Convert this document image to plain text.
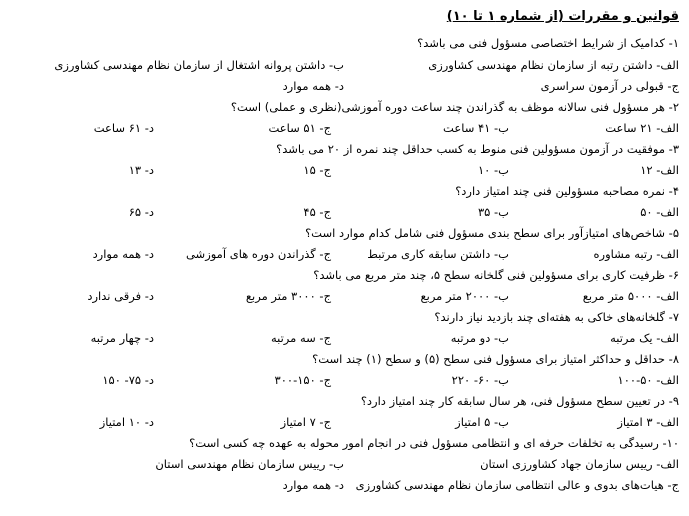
قوانین و مقررات (از شماره ۱ تا ۱۰)
۱- کدامیک از شرایط اختصاصی مسؤول فنی می باشد؟
الف- داشتن رتبه از سازمان نظام مهندسی کشاورزی
ب- داشتن پروانه اشتغال از سازمان نظام مهندسی کشاورزی
ج- قبولی در آزمون سراسری
د- همه موارد
۲- هر مسؤول فنی سالانه موظف به گذراندن چند ساعت دوره آموزشی(نظری و عملی) است؟
الف- ۲۱ ساعت
ب- ۴۱ ساعت
ج- ۵۱ ساعت
د- ۶۱ ساعت
۳- موفقیت در آزمون مسؤولین فنی منوط به کسب حداقل چند نمره از ۲۰ می باشد؟
الف- ۱۲
ب- ۱۰
ج- ۱۵
د- ۱۳
۴- نمره مصاحبه مسؤولین فنی چند امتیاز دارد؟
الف- ۵۰
ب- ۳۵
ج- ۴۵
د- ۶۵
۵- شاخص‌های امتیازآور برای سطح بندی مسؤول فنی شامل کدام موارد است؟
الف- رتبه مشاوره
ب- داشتن سابقه کاری مرتبط
ج- گذراندن دوره های آموزشی
د- همه موارد
۶- ظرفیت کاری برای مسؤولین فنی گلخانه سطح ۵، چند متر مربع می باشد؟
الف- ۵۰۰۰ متر مربع
ب- ۲۰۰۰ متر مربع
ج- ۳۰۰۰ متر مربع
د- فرقی ندارد
۷- گلخانه‌های خاکی به هفته‌ای چند بازدید نیاز دارند؟
الف- یک مرتبه
ب- دو مرتبه
ج- سه مرتبه
د- چهار مرتبه
۸- حداقل و حداکثر امتیاز برای مسؤول فنی سطح (۵) و سطح (۱) چند است؟
الف- ۵۰-۱۰۰
ب- ۶۰- ۲۲۰
ج- ۱۵۰-۳۰۰
د- ۷۵- ۱۵۰
۹- در تعیین سطح مسؤول فنی، هر سال سابقه کار چند امتیاز دارد؟
الف- ۳ امتیاز
ب- ۵ امتیاز
ج- ۷ امتیاز
د- ۱۰ امتیاز
۱۰- رسیدگی به تخلفات حرفه ای و انتظامی مسؤول فنی در انجام امور محوله به عهده چه کسی است؟
الف- رییس سازمان جهاد کشاورزی استان
ب- رییس سازمان نظام مهندسی استان
ج- هیات‌های بدوی و عالی انتظامی سازمان نظام مهندسی کشاورزی
د- همه موارد
